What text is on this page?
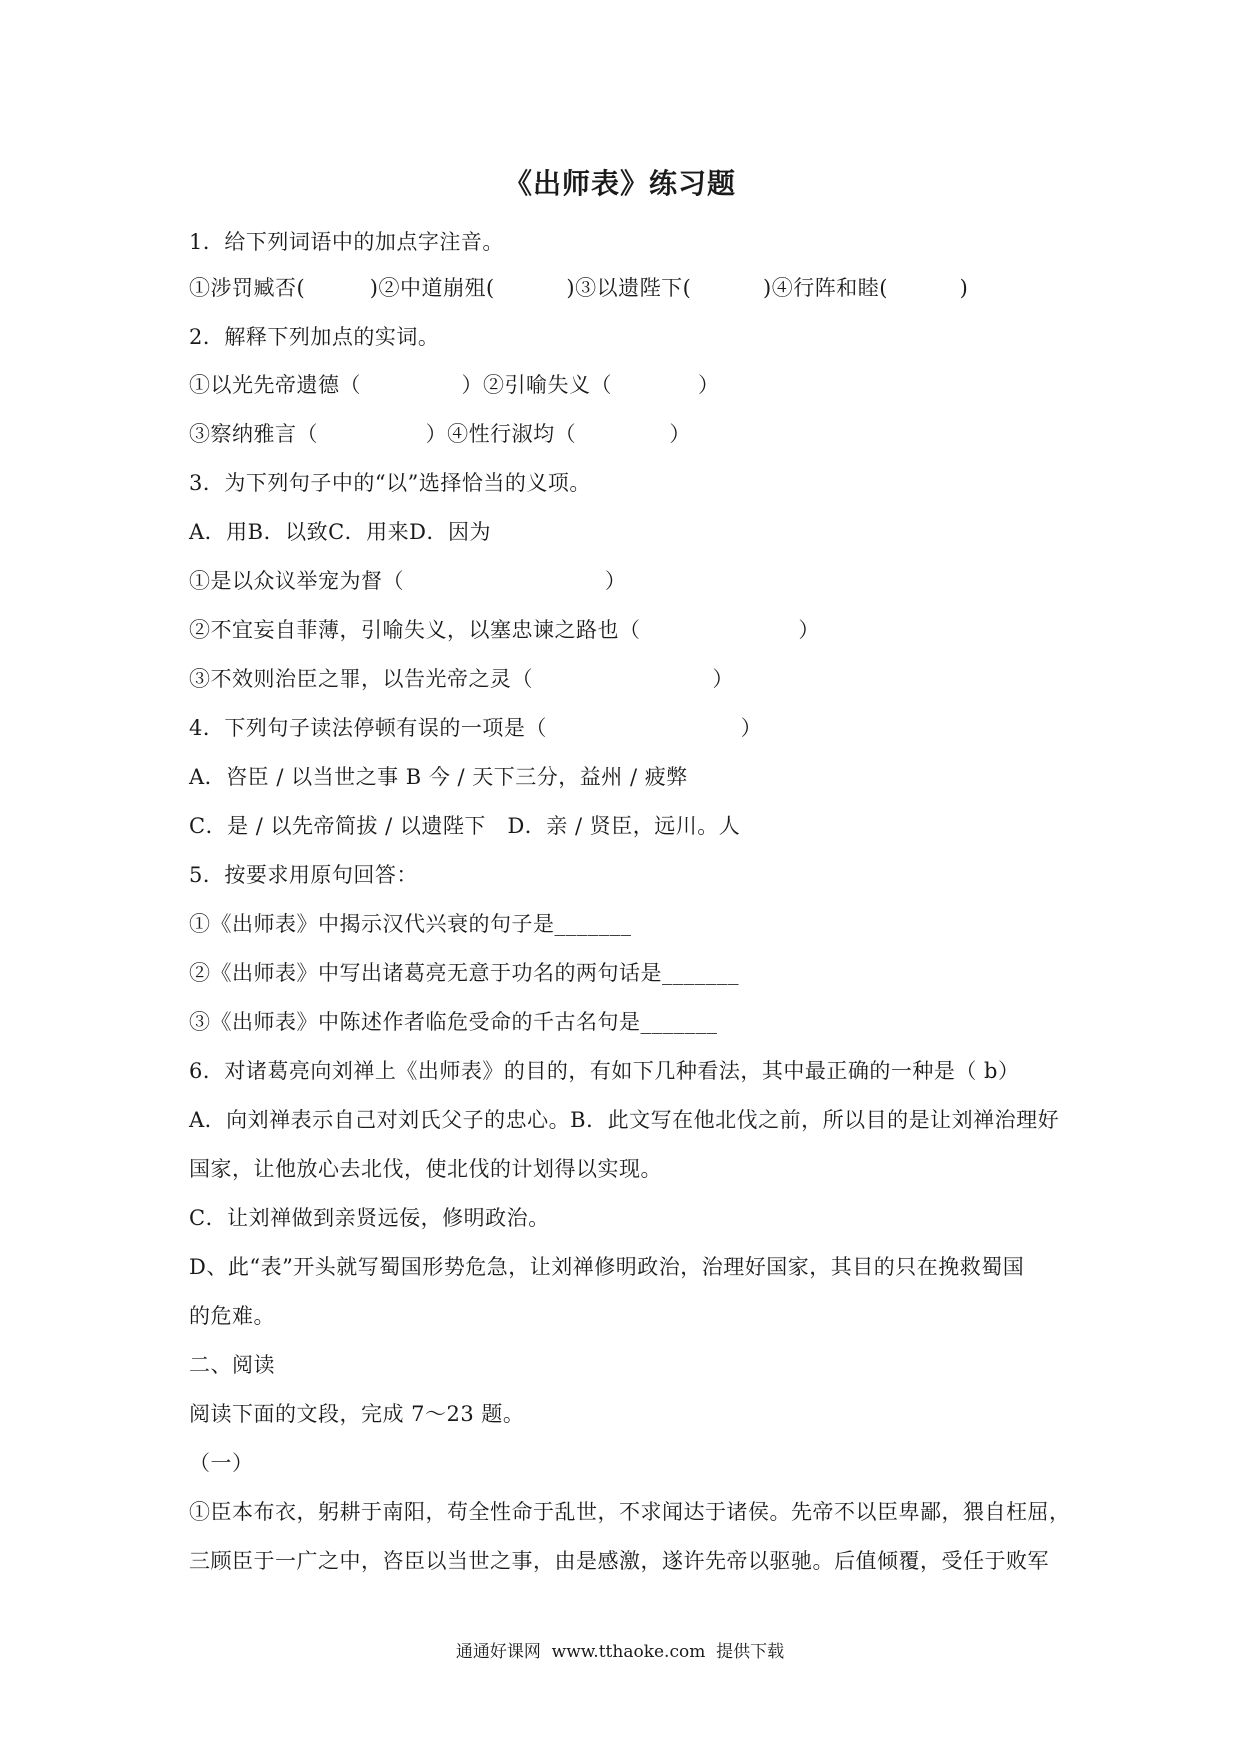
《出师表》练习题
1．给下列词语中的加点字注音。
①涉罚臧否(         )②中道崩殂(          )③以遗陛下(          )④行阵和睦(          )
2．解释下列加点的实词。
①以光先帝遗德（              ）②引喻失义（            ）
③察纳雅言（               ）④性行淑均（             ）
3．为下列句子中的“以”选择恰当的义项。
A．用B．以致C．用来D．因为
①是以众议举宠为督（                            ）
②不宜妄自菲薄，引喻失义，以塞忠谏之路也（                      ）
③不效则治臣之罪，以告光帝之灵（                         ）
4．下列句子读法停顿有误的一项是（                           ）
A．咨臣 / 以当世之事 B 今 / 天下三分，益州 / 疲弊
C．是 / 以先帝简拔 / 以遗陛下   D．亲 / 贤臣，远川。人
5．按要求用原句回答：
①《出师表》中揭示汉代兴衰的句子是_______
②《出师表》中写出诸葛亮无意于功名的两句话是_______
③《出师表》中陈述作者临危受命的千古名句是_______
6．对诸葛亮向刘禅上《出师表》的目的，有如下几种看法，其中最正确的一种是（ b）
A．向刘禅表示自己对刘氏父子的忠心。B．此文写在他北伐之前，所以目的是让刘禅治理好
国家，让他放心去北伐，使北伐的计划得以实现。
C．让刘禅做到亲贤远佞，修明政治。
D、此“表”开头就写蜀国形势危急，让刘禅修明政治，治理好国家，其目的只在挽救蜀国
的危难。
二、阅读
阅读下面的文段，完成 7～23 题。
（一）
①臣本布衣，躬耕于南阳，苟全性命于乱世，不求闻达于诸侯。先帝不以臣卑鄙，猥自枉屈，
三顾臣于一广之中，咨臣以当世之事，由是感激，遂许先帝以驱驰。后值倾覆，受任于败军
通通好课网  www.tthaoke.com  提供下载
